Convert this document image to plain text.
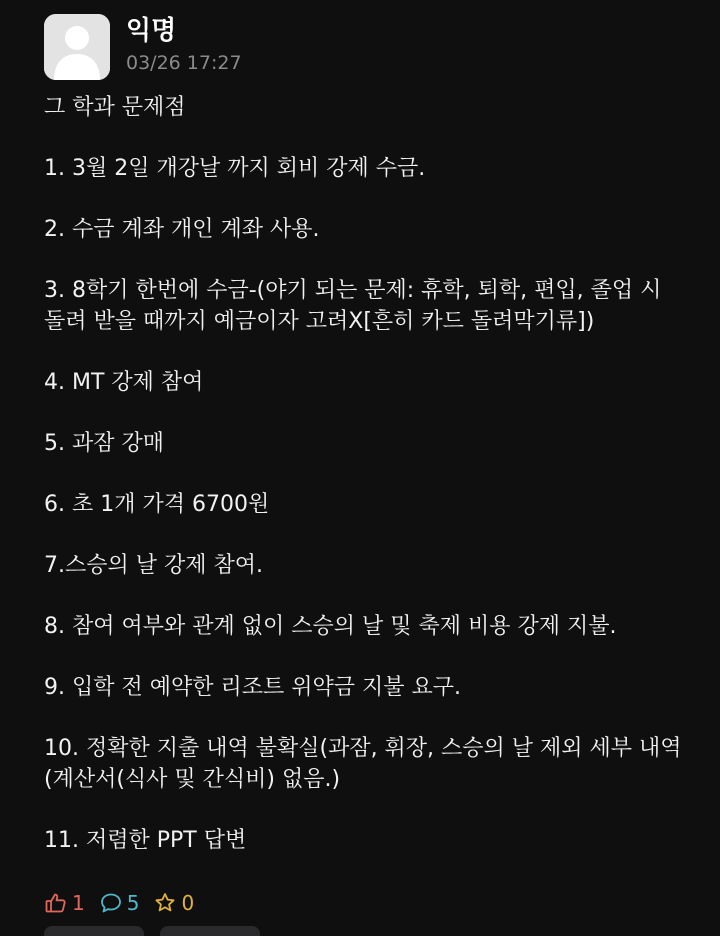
익명
03/26 17:27

그 학과 문제점

1. 3월 2일 개강날 까지 회비 강제 수금.
2. 수금 계좌 개인 계좌 사용.
3. 8학기 한번에 수금-(야기 되는 문제: 휴학, 퇴학, 편입, 졸업 시 돌려 받을 때까지 예금이자 고려X[흔히 카드 돌려막기류])
4. MT 강제 참여
5. 과잠 강매
6. 초 1개 가격 6700원
7.스승의 날 강제 참여.
8. 참여 여부와 관계 없이 스승의 날 및 축제 비용 강제 지불.
9. 입학 전 예약한 리조트 위약금 지불 요구.
10. 정확한 지출 내역 불확실(과잠, 휘장, 스승의 날 제외 세부 내역(계산서(식사 및 간식비) 없음.)
11. 저렴한 PPT 답변
1 5 0
